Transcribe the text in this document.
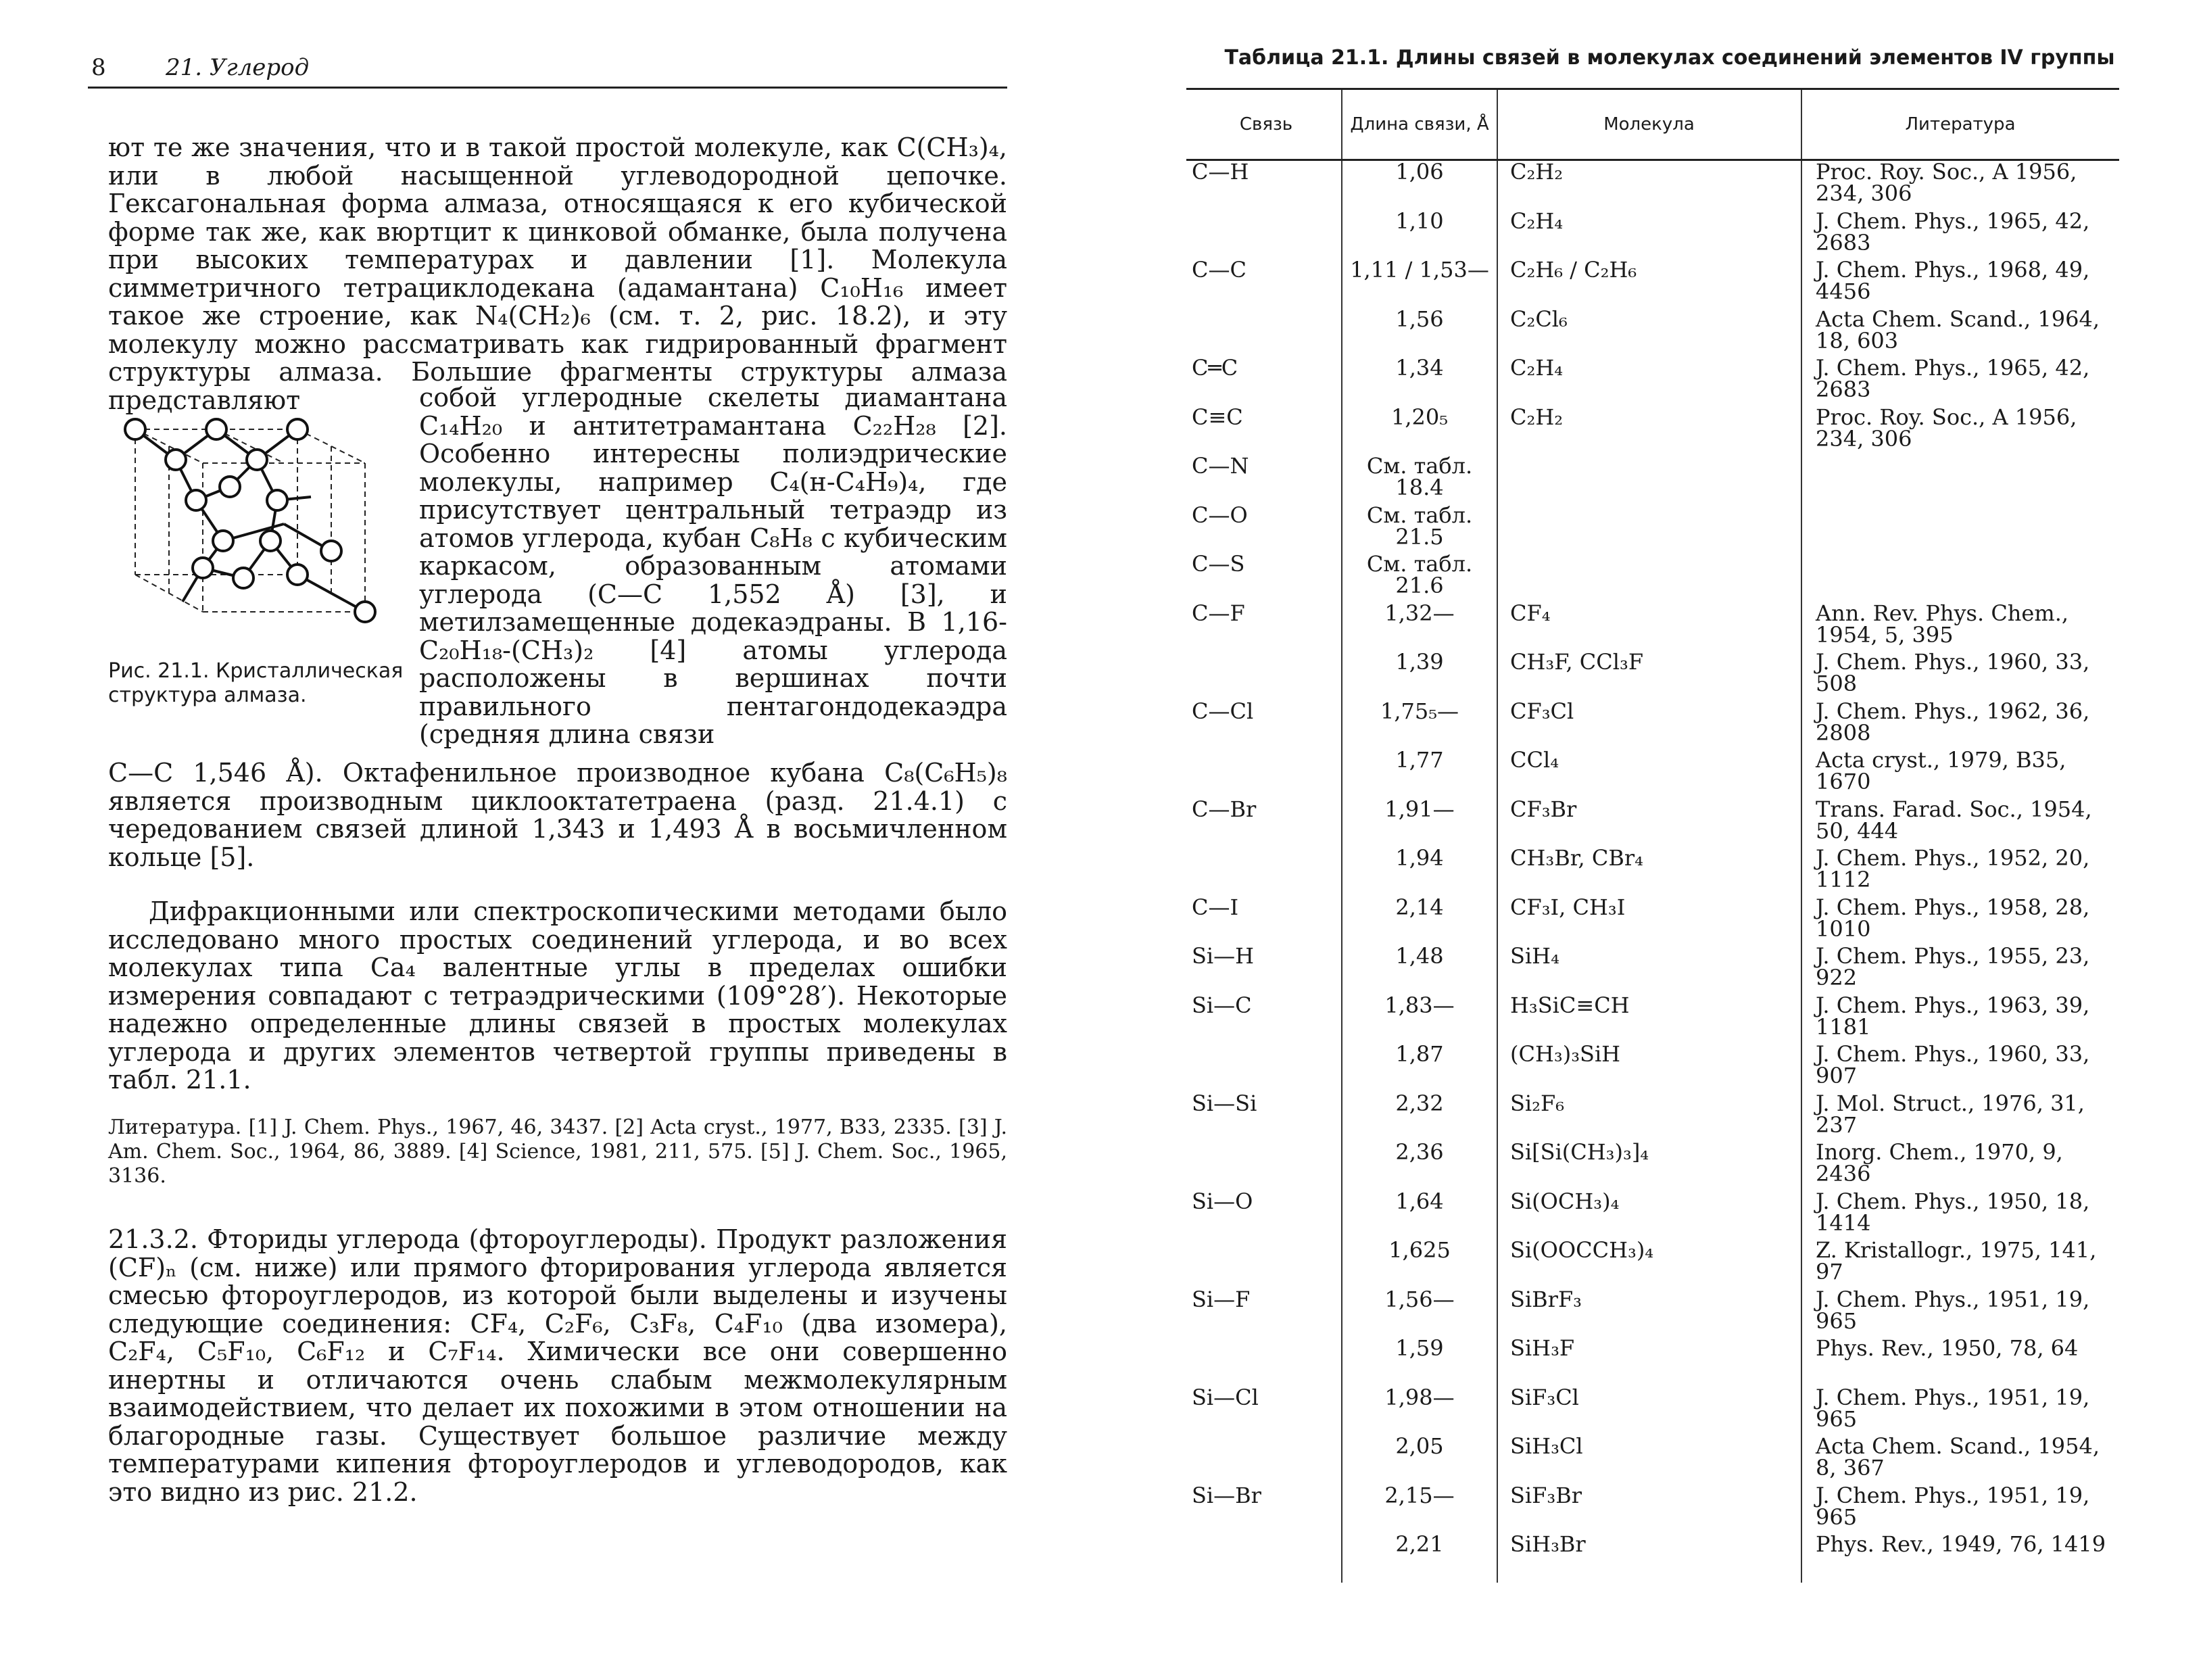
8	21. Углерод

ют те же значения, что и в такой простой молекуле, как C(CH₃)₄, или в любой насыщенной углеводородной цепочке. Гексагональная форма алмаза, относящаяся к его кубической форме так же, как вюртцит к цинковой обманке, была получена при высоких температурах и давлении [1]. Молекула симметричного тетрациклодекана (адамантана) C₁₀H₁₆ имеет такое же строение, как N₄(CH₂)₆ (см. т. 2, рис. 18.2), и эту молекулу можно рассматривать как гидрированный фрагмент структуры алмаза. Большие фрагменты структуры алмаза представляют

Рис. 21.1. Кристаллическая структура алмаза.

собой углеродные скелеты диамантана C₁₄H₂₀ и антитетрамантана C₂₂H₂₈ [2]. Особенно интересны полиэдрические молекулы, например C₄(н-C₄H₉)₄, где присутствует центральный тетраэдр из атомов углерода, кубан C₈H₈ с кубическим каркасом, образованным атомами углерода (C—C 1,552 Å) [3], и метилзамещенные додекаэдраны. В 1,16-C₂₀H₁₈-(CH₃)₂ [4] атомы углерода расположены в вершинах почти правильного пентагондодекаэдра (средняя длина связи

C—C 1,546 Å). Октафенильное производное кубана C₈(C₆H₅)₈ является производным циклооктатетраена (разд. 21.4.1) с чередованием связей длиной 1,343 и 1,493 Å в восьмичленном кольце [5].

Дифракционными или спектроскопическими методами было исследовано много простых соединений углерода, и во всех молекулах типа Ca₄ валентные углы в пределах ошибки измерения совпадают с тетраэдрическими (109°28′). Некоторые надежно определенные длины связей в простых молекулах углерода и других элементов четвертой группы приведены в табл. 21.1.

Литература. [1] J. Chem. Phys., 1967, 46, 3437. [2] Acta cryst., 1977, B33, 2335. [3] J. Am. Chem. Soc., 1964, 86, 3889. [4] Science, 1981, 211, 575. [5] J. Chem. Soc., 1965, 3136.

21.3.2. Фториды углерода (фтороуглероды). Продукт разложения (CF)ₙ (см. ниже) или прямого фторирования углерода является смесью фтороуглеродов, из которой были выделены и изучены следующие соединения: CF₄, C₂F₆, C₃F₈, C₄F₁₀ (два изомера), C₂F₄, C₅F₁₀, C₆F₁₂ и C₇F₁₄. Химически все они совершенно инертны и отличаются очень слабым межмолекулярным взаимодействием, что делает их похожими в этом отношении на благородные газы. Существует большое различие между температурами кипения фтороуглеродов и углеводородов, как это видно из рис. 21.2.

Таблица 21.1. Длины связей в молекулах соединений элементов IV группы
Связь	Длина связи, Å	Молекула	Литература
C—H	1,06	C₂H₂	Proc. Roy. Soc., A 1956, 234, 306
	1,10	C₂H₄	J. Chem. Phys., 1965, 42, 2683
C—C	1,11 / 1,53—	C₂H₆ / C₂H₆	J. Chem. Phys., 1968, 49, 4456
	1,56	C₂Cl₆	Acta Chem. Scand., 1964, 18, 603
C═C	1,34	C₂H₄	J. Chem. Phys., 1965, 42, 2683
C≡C	1,20₅	C₂H₂	Proc. Roy. Soc., A 1956, 234, 306
C—N	См. табл. 18.4		
C—O	См. табл. 21.5		
C—S	См. табл. 21.6		
C—F	1,32—	CF₄	Ann. Rev. Phys. Chem., 1954, 5, 395
	1,39	CH₃F, CCl₃F	J. Chem. Phys., 1960, 33, 508
C—Cl	1,75₅—	CF₃Cl	J. Chem. Phys., 1962, 36, 2808
	1,77	CCl₄	Acta cryst., 1979, B35, 1670
C—Br	1,91—	CF₃Br	Trans. Farad. Soc., 1954, 50, 444
	1,94	CH₃Br, CBr₄	J. Chem. Phys., 1952, 20, 1112
C—I	2,14	CF₃I, CH₃I	J. Chem. Phys., 1958, 28, 1010
Si—H	1,48	SiH₄	J. Chem. Phys., 1955, 23, 922
Si—C	1,83—	H₃SiC≡CH	J. Chem. Phys., 1963, 39, 1181
	1,87	(CH₃)₃SiH	J. Chem. Phys., 1960, 33, 907
Si—Si	2,32	Si₂F₆	J. Mol. Struct., 1976, 31, 237
	2,36	Si[Si(CH₃)₃]₄	Inorg. Chem., 1970, 9, 2436
Si—O	1,64	Si(OCH₃)₄	J. Chem. Phys., 1950, 18, 1414
	1,625	Si(OOCCH₃)₄	Z. Kristallogr., 1975, 141, 97
Si—F	1,56—	SiBrF₃	J. Chem. Phys., 1951, 19, 965
	1,59	SiH₃F	Phys. Rev., 1950, 78, 64
Si—Cl	1,98—	SiF₃Cl	J. Chem. Phys., 1951, 19, 965
	2,05	SiH₃Cl	Acta Chem. Scand., 1954, 8, 367
Si—Br	2,15—	SiF₃Br	J. Chem. Phys., 1951, 19, 965
	2,21	SiH₃Br	Phys. Rev., 1949, 76, 1419
